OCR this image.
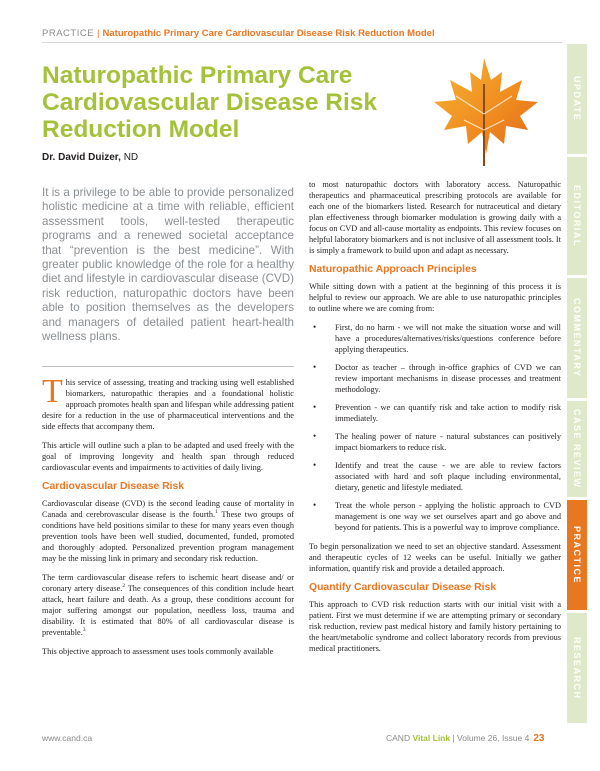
PRACTICE | Naturopathic Primary Care Cardiovascular Disease Risk Reduction Model
Naturopathic Primary Care Cardiovascular Disease Risk Reduction Model
Dr. David Duizer, ND
It is a privilege to be able to provide personalized holistic medicine at a time with reliable, efficient assessment tools, well-tested therapeutic programs and a renewed societal acceptance that “prevention is the best medicine”. With greater public knowledge of the role for a healthy diet and lifestyle in cardiovascular disease (CVD) risk reduction, naturopathic doctors have been able to position themselves as the developers and managers of detailed patient heart-health wellness plans.

This service of assessing, treating and tracking using well established biomarkers, naturopathic therapies and a foundational holistic approach promotes health span and lifespan while addressing patient desire for a reduction in the use of pharmaceutical interventions and the side effects that accompany them.

This article will outline such a plan to be adapted and used freely with the goal of improving longevity and health span through reduced cardiovascular events and impairments to activities of daily living.

Cardiovascular Disease Risk

Cardiovascular disease (CVD) is the second leading cause of mortality in Canada and cerebrovascular disease is the fourth.$^1$ These two groups of conditions have held positions similar to these for many years even though prevention tools have been well studied, documented, funded, promoted and thoroughly adopted. Personalized prevention program management may be the missing link in primary and secondary risk reduction.

The term cardiovascular disease refers to ischemic heart disease and/ or coronary artery disease.$^2$ The consequences of this condition include heart attack, heart failure and death. As a group, these conditions account for major suffering amongst our population, needless loss, trauma and disability. It is estimated that 80% of all cardiovascular disease is preventable.$^3$

This objective approach to assessment uses tools commonly available

to most naturopathic doctors with laboratory access. Naturopathic therapeutics and pharmaceutical prescribing protocols are available for each one of the biomarkers listed. Research for nutraceutical and dietary plan effectiveness through biomarker modulation is growing daily with a focus on CVD and all-cause mortality as endpoints. This review focuses on helpful laboratory biomarkers and is not inclusive of all assessment tools. It is simply a framework to build upon and adapt as necessary.

Naturopathic Approach Principles

While sitting down with a patient at the beginning of this process it is helpful to review our approach. We are able to use naturopathic principles to outline where we are coming from:

• First, do no harm - we will not make the situation worse and will have a procedures/alternatives/risks/questions conference before applying therapeutics.
• Doctor as teacher – through in-office graphics of CVD we can review important mechanisms in disease processes and treatment methodology.
• Prevention - we can quantify risk and take action to modify risk immediately.
• The healing power of nature - natural substances can positively impact biomarkers to reduce risk.
• Identify and treat the cause - we are able to review factors associated with hard and soft plaque including environmental, dietary, genetic and lifestyle mediated.
• Treat the whole person - applying the holistic approach to CVD management is one way we set ourselves apart and go above and beyond for patients. This is a powerful way to improve compliance.

To begin personalization we need to set an objective standard. Assessment and therapeutic cycles of 12 weeks can be useful. Initially we gather information, quantify risk and provide a detailed approach.

Quantify Cardiovascular Disease Risk

This approach to CVD risk reduction starts with our initial visit with a patient. First we must determine if we are attempting primary or secondary risk reduction, review past medical history and family history pertaining to the heart/metabolic syndrome and collect laboratory records from previous medical practitioners.

UPDATE
EDITORIAL
COMMENTARY
CASE REVIEW
PRACTICE
RESEARCH
www.cand.ca	CAND Vital Link | Volume 26, Issue 4 23
